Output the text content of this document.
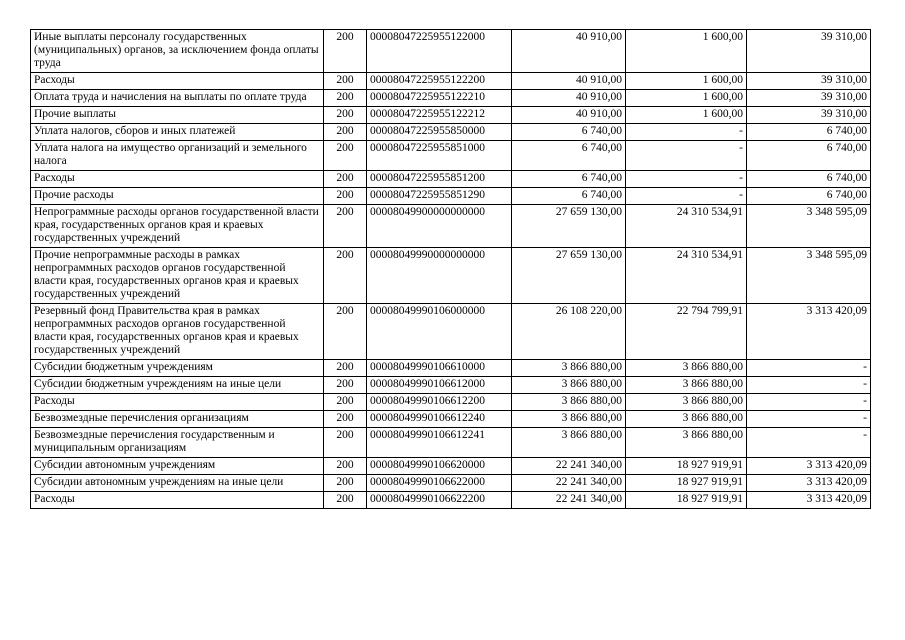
Иные выплаты персоналу государственных (муниципальных) органов, за исключением фонда оплаты труда	200	00008047225955122000	40 910,00	1 600,00	39 310,00
Расходы	200	00008047225955122200	40 910,00	1 600,00	39 310,00
Оплата труда и начисления на выплаты по оплате труда	200	00008047225955122210	40 910,00	1 600,00	39 310,00
Прочие выплаты	200	00008047225955122212	40 910,00	1 600,00	39 310,00
Уплата налогов, сборов и иных платежей	200	00008047225955850000	6 740,00	-	6 740,00
Уплата налога на имущество организаций и земельного налога	200	00008047225955851000	6 740,00	-	6 740,00
Расходы	200	00008047225955851200	6 740,00	-	6 740,00
Прочие расходы	200	00008047225955851290	6 740,00	-	6 740,00
Непрограммные расходы органов государственной власти края, государственных органов края и краевых государственных учреждений	200	00008049900000000000	27 659 130,00	24 310 534,91	3 348 595,09
Прочие непрограммные расходы в рамках непрограммных расходов органов государственной власти края, государственных органов края и краевых государственных учреждений	200	00008049990000000000	27 659 130,00	24 310 534,91	3 348 595,09
Резервный фонд Правительства края в рамках непрограммных расходов органов государственной власти края, государственных органов края и краевых государственных учреждений	200	00008049990106000000	26 108 220,00	22 794 799,91	3 313 420,09
Субсидии бюджетным учреждениям	200	00008049990106610000	3 866 880,00	3 866 880,00	-
Субсидии бюджетным учреждениям на иные цели	200	00008049990106612000	3 866 880,00	3 866 880,00	-
Расходы	200	00008049990106612200	3 866 880,00	3 866 880,00	-
Безвозмездные перечисления организациям	200	00008049990106612240	3 866 880,00	3 866 880,00	-
Безвозмездные перечисления государственным и муниципальным организациям	200	00008049990106612241	3 866 880,00	3 866 880,00	-
Субсидии автономным учреждениям	200	00008049990106620000	22 241 340,00	18 927 919,91	3 313 420,09
Субсидии автономным учреждениям на иные цели	200	00008049990106622000	22 241 340,00	18 927 919,91	3 313 420,09
Расходы	200	00008049990106622200	22 241 340,00	18 927 919,91	3 313 420,09
